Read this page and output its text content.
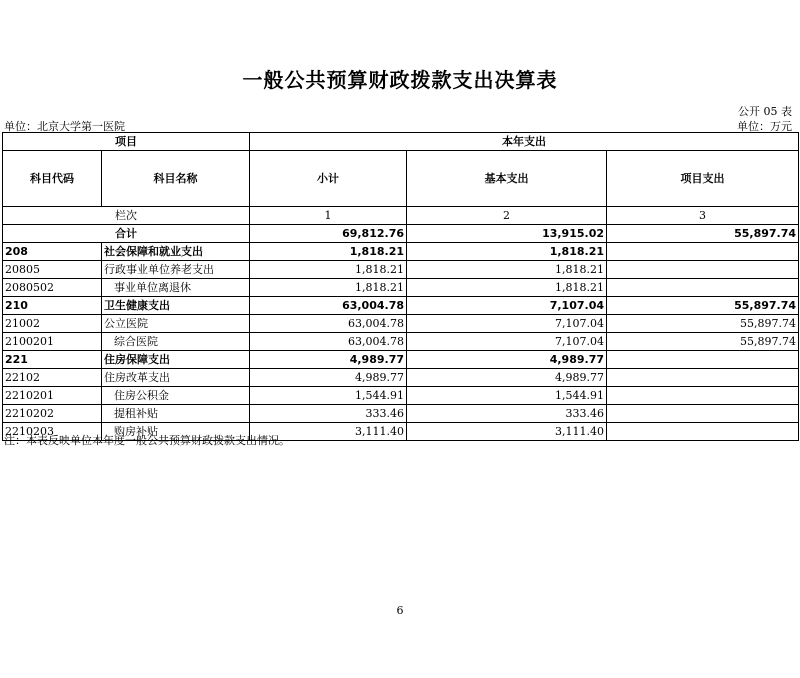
一般公共预算财政拨款支出决算表
公开 05 表
单位：北京大学第一医院	单位：万元
项目		本年支出		
科目代码	科目名称	小计	基本支出	项目支出
栏次		1	2	3
合计		69,812.76	13,915.02	55,897.74
208	社会保障和就业支出	1,818.21	1,818.21	
20805	行政事业单位养老支出	1,818.21	1,818.21	
2080502	事业单位离退休	1,818.21	1,818.21	
210	卫生健康支出	63,004.78	7,107.04	55,897.74
21002	公立医院	63,004.78	7,107.04	55,897.74
2100201	综合医院	63,004.78	7,107.04	55,897.74
221	住房保障支出	4,989.77	4,989.77	
22102	住房改革支出	4,989.77	4,989.77	
2210201	住房公积金	1,544.91	1,544.91	
2210202	提租补贴	333.46	333.46	
2210203	购房补贴	3,111.40	3,111.40	
注：本表反映单位本年度一般公共预算财政拨款支出情况。
6
